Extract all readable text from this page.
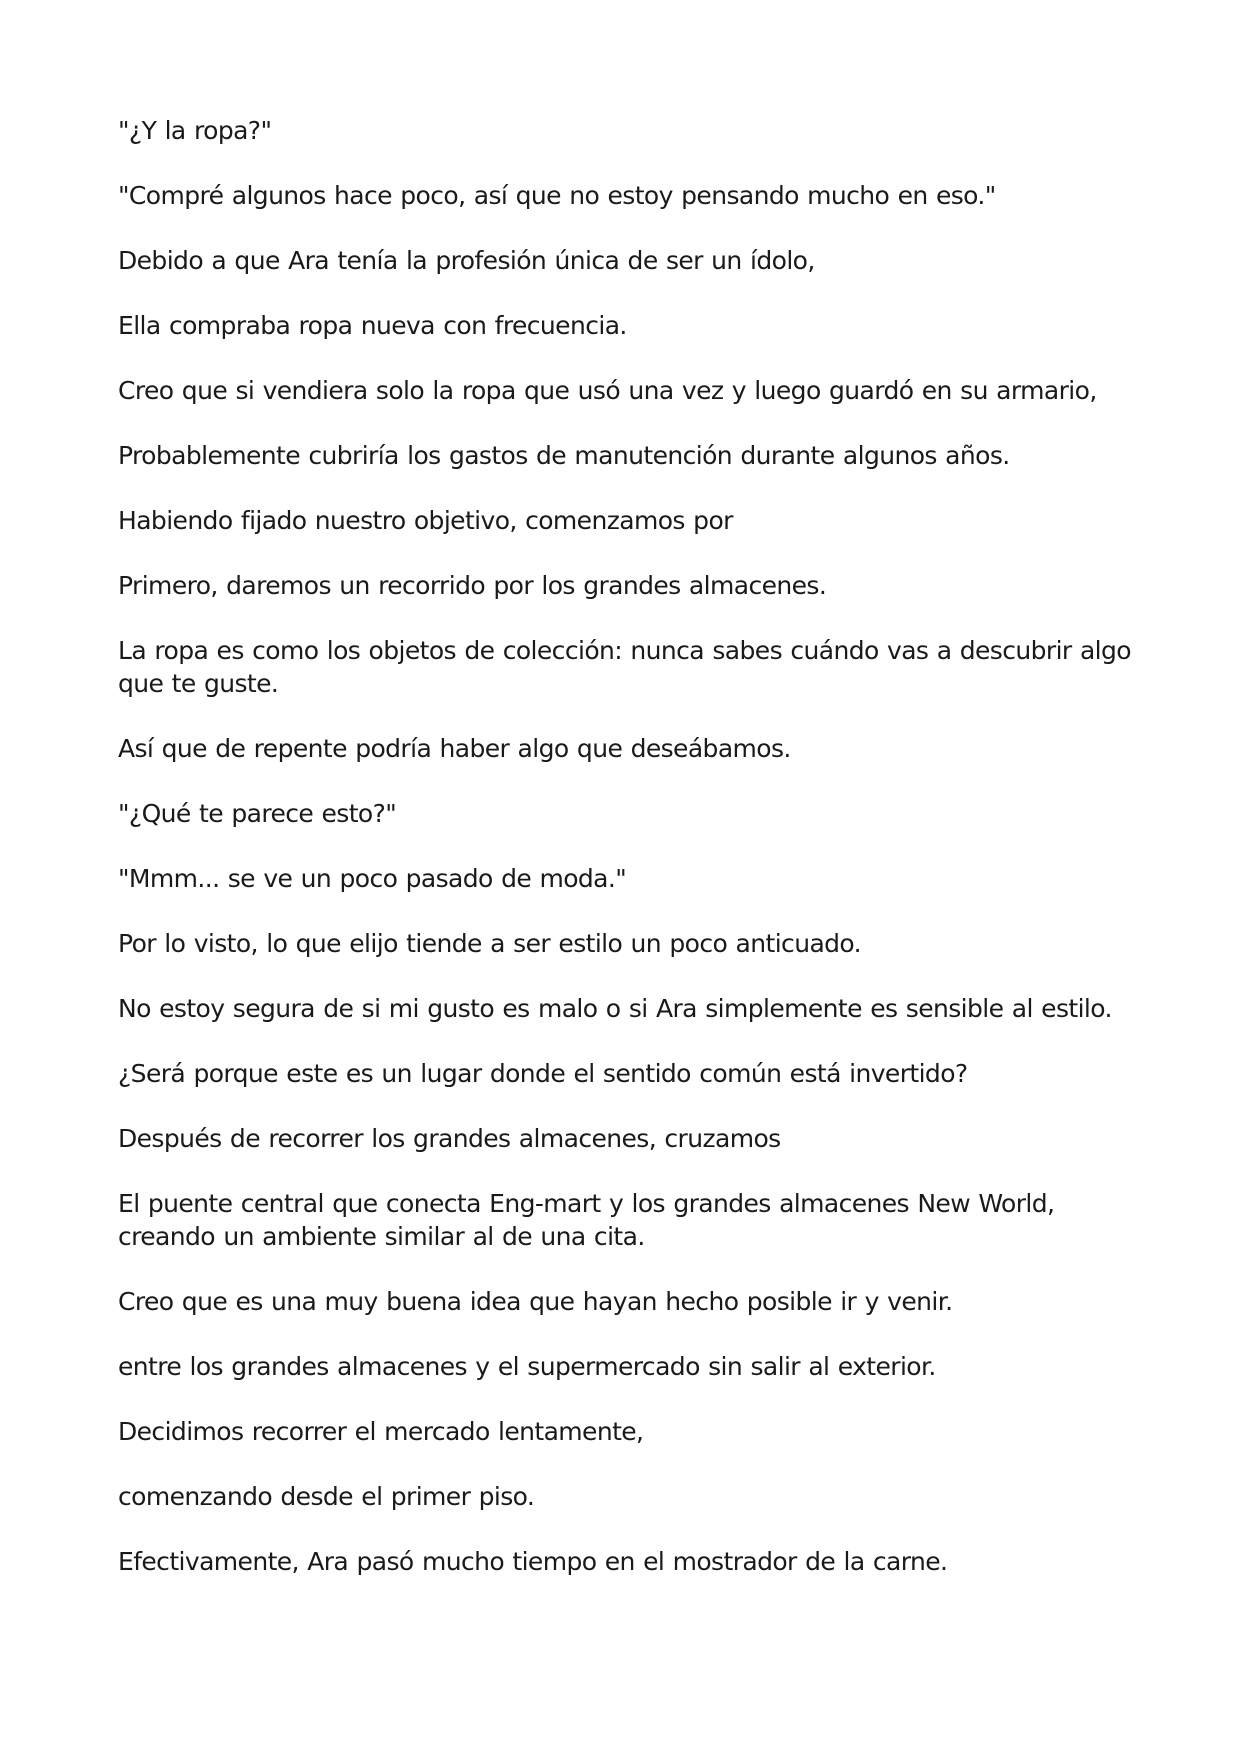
"¿Y la ropa?"

"Compré algunos hace poco, así que no estoy pensando mucho en eso."

Debido a que Ara tenía la profesión única de ser un ídolo,

Ella compraba ropa nueva con frecuencia.

Creo que si vendiera solo la ropa que usó una vez y luego guardó en su armario,

Probablemente cubriría los gastos de manutención durante algunos años.

Habiendo fijado nuestro objetivo, comenzamos por

Primero, daremos un recorrido por los grandes almacenes.

La ropa es como los objetos de colección: nunca sabes cuándo vas a descubrir algo que te guste.

Así que de repente podría haber algo que deseábamos.

"¿Qué te parece esto?"

"Mmm... se ve un poco pasado de moda."

Por lo visto, lo que elijo tiende a ser estilo un poco anticuado.

No estoy segura de si mi gusto es malo o si Ara simplemente es sensible al estilo.

¿Será porque este es un lugar donde el sentido común está invertido?

Después de recorrer los grandes almacenes, cruzamos

El puente central que conecta Eng-mart y los grandes almacenes New World, creando un ambiente similar al de una cita.

Creo que es una muy buena idea que hayan hecho posible ir y venir.

entre los grandes almacenes y el supermercado sin salir al exterior.

Decidimos recorrer el mercado lentamente,

comenzando desde el primer piso.

Efectivamente, Ara pasó mucho tiempo en el mostrador de la carne.
